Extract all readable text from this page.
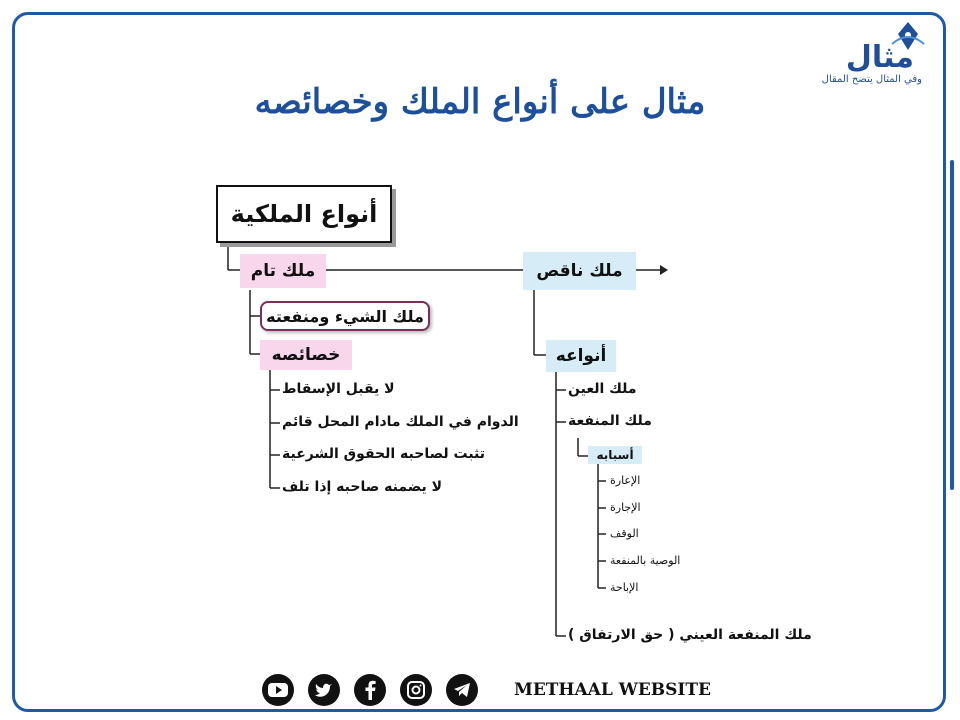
مثال
وفي المثال يتضح المقال
مثال على أنواع الملك وخصائصه
أنواع الملكية
ملك تام
ملك الشيء ومنفعته
خصائصه
لا يقبل الإسقاط
الدوام في الملك مادام المحل قائم
تثبت لصاحبه الحقوق الشرعية
لا يضمنه صاحبه إذا تلف
ملك ناقص
أنواعه
ملك العين
ملك المنفعة
أسبابه
الإعارة
الإجارة
الوقف
الوصية بالمنفعة
الإباحة
ملك المنفعة العيني ( حق الارتفاق )
METHAAL WEBSITE
